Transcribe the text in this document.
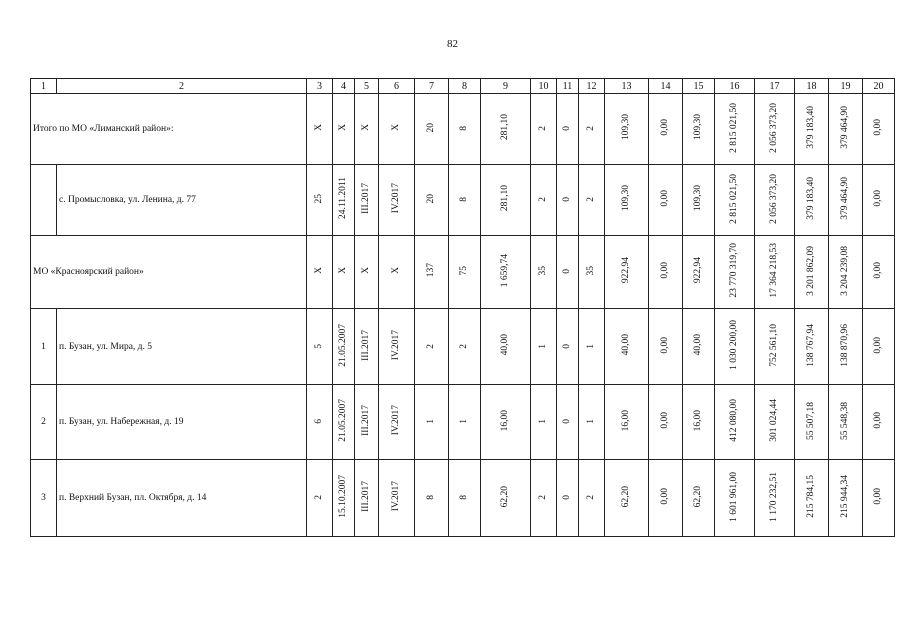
82
1	2	3	4	5	6	7	8	9	10	11	12	13	14	15	16	17	18	19	20
Итого по МО «Лиманский район»:		X	X	X	X	20	8	281,10	2	0	2	109,30	0,00	109,30	2 815 021,50	2 056 373,20	379 183,40	379 464,90	0,00
	с. Промысловка, ул. Ленина, д. 77	25	24.11.2011	III.2017	IV.2017	20	8	281,10	2	0	2	109,30	0,00	109,30	2 815 021,50	2 056 373,20	379 183,40	379 464,90	0,00
МО «Красноярский район»		X	X	X	X	137	75	1 659,74	35	0	35	922,94	0,00	922,94	23 770 319,70	17 364 218,53	3 201 862,09	3 204 239,08	0,00
1	п. Бузан, ул. Мира, д. 5	5	21.05.2007	III.2017	IV.2017	2	2	40,00	1	0	1	40,00	0,00	40,00	1 030 200,00	752 561,10	138 767,94	138 870,96	0,00
2	п. Бузан, ул. Набережная, д. 19	6	21.05.2007	III.2017	IV.2017	1	1	16,00	1	0	1	16,00	0,00	16,00	412 080,00	301 024,44	55 507,18	55 548,38	0,00
3	п. Верхний Бузан, пл. Октября, д. 14	2	15.10.2007	III.2017	IV.2017	8	8	62,20	2	0	2	62,20	0,00	62,20	1 601 961,00	1 170 232,51	215 784,15	215 944,34	0,00
